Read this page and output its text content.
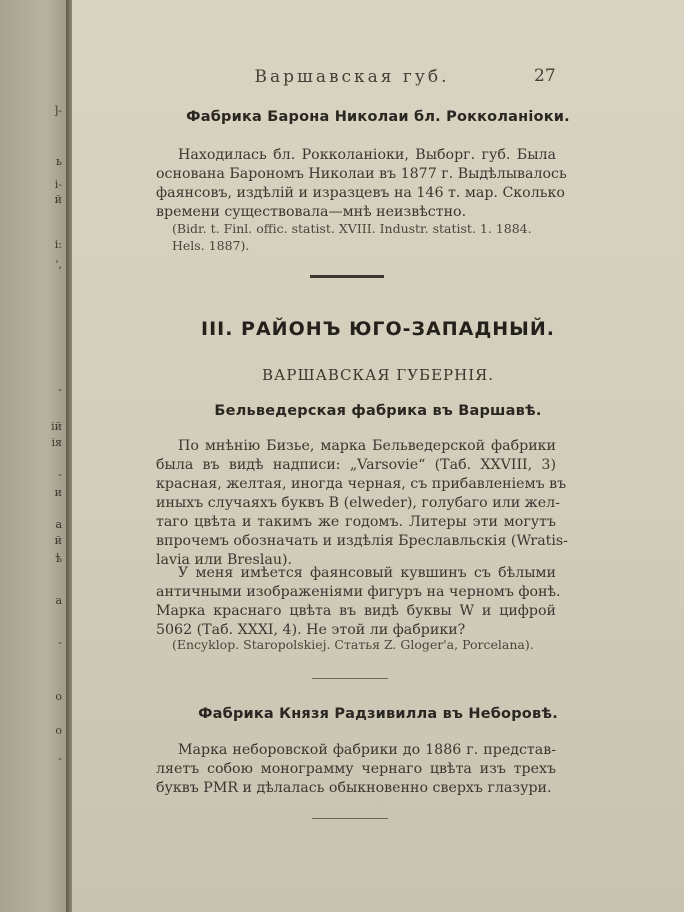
]-
ь
i-
й
i:
',
-
ій
ія
-
и
а
й
ѣ
a
-
o
o
-
Варшавская губ.	27
Фабрика Барона Николаи бл. Рокколаніоки.
Находилась бл. Рокколаніоки, Выборг. губ. Была
основана Барономъ Николаи въ 1877 г. Выдѣлывалось
фаянсовъ, издѣлій и изразцевъ на 146 т. мар. Сколько
времени существовала—мнѣ неизвѣстно.
(Bidr. t. Finl. offic. statist. XVIII. Industr. statist. 1. 1884.
Hels. 1887).
III. РАЙОНЪ ЮГО-ЗАПАДНЫЙ.
ВАРШАВСКАЯ ГУБЕРНІЯ.
Бельведерская фабрика въ Варшавѣ.
По мнѣнію Бизье, марка Бельведерской фабрики
была въ видѣ надписи: „Varsovie“ (Таб. XXVIII, 3)
красная, желтая, иногда черная, съ прибавленіемъ въ
иныхъ случаяхъ буквъ B (elweder), голубаго или жел-
таго цвѣта и такимъ же годомъ. Литеры эти могутъ
впрочемъ обозначать и издѣлія Бреславльскія (Wratis-
lavia или Breslau).
У меня имѣется фаянсовый кувшинъ съ бѣлыми
античными изображеніями фигуръ на черномъ фонѣ.
Марка краснаго цвѣта въ видѣ буквы W и цифрой
5062 (Таб. XXXI, 4). Не этой ли фабрики?
(Encyklop. Staropolskiej. Статья Z. Gloger'a, Porcelana).
Фабрика Князя Радзивилла въ Неборовѣ.
Марка неборовской фабрики до 1886 г. представ-
ляетъ собою монограмму чернаго цвѣта изъ трехъ
буквъ PMR и дѣлалась обыкновенно сверхъ глазури.
